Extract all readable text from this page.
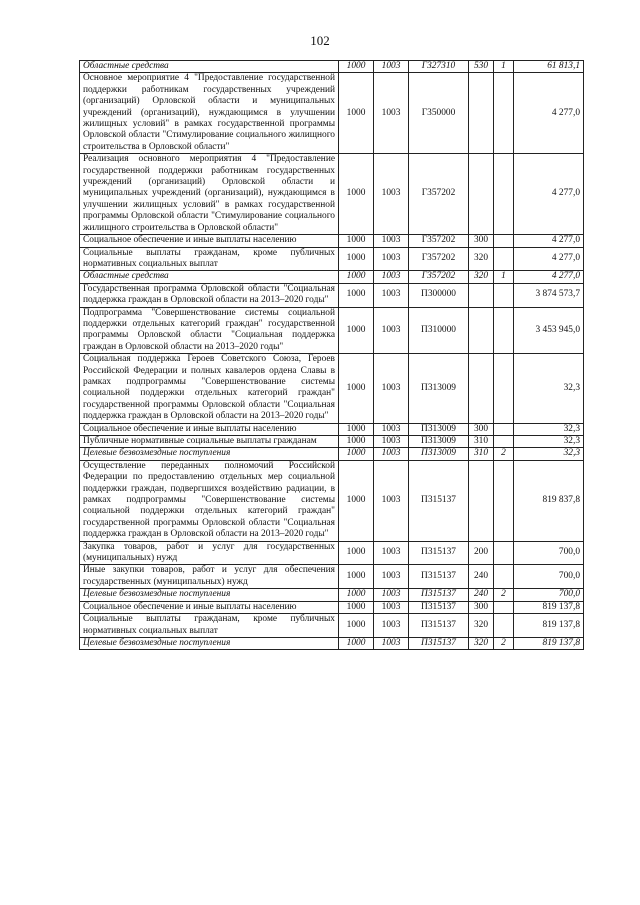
102
Областные средства	1000	1003	Г327310	530	1	61 813,1
Основное мероприятие 4 "Предоставление государственной поддержки работникам государственных учреждений (организаций) Орловской области и муниципальных учреждений (организаций), нуждающимся в улучшении жилищных условий" в рамках государственной программы Орловской области "Стимулирование социального жилищного строительства в Орловской области"	1000	1003	Г350000			4 277,0
Реализация основного мероприятия 4 "Предоставление государственной поддержки работникам государственных учреждений (организаций) Орловской области и муниципальных учреждений (организаций), нуждающимся в улучшении жилищных условий" в рамках государственной программы Орловской области "Стимулирование социального жилищного строительства в Орловской области"	1000	1003	Г357202			4 277,0
Социальное обеспечение и иные выплаты населению	1000	1003	Г357202	300		4 277,0
Социальные выплаты гражданам, кроме публичных нормативных социальных выплат	1000	1003	Г357202	320		4 277,0
Областные средства	1000	1003	Г357202	320	1	4 277,0
Государственная программа Орловской области "Социальная поддержка граждан в Орловской области на 2013–2020 годы"	1000	1003	П300000			3 874 573,7
Подпрограмма "Совершенствование системы социальной поддержки отдельных категорий граждан" государственной программы Орловской области "Социальная поддержка граждан в Орловской области на 2013–2020 годы"	1000	1003	П310000			3 453 945,0
Социальная поддержка Героев Советского Союза, Героев Российской Федерации и полных кавалеров ордена Славы в рамках подпрограммы "Совершенствование системы социальной поддержки отдельных категорий граждан" государственной программы Орловской области "Социальная поддержка граждан в Орловской области на 2013–2020 годы"	1000	1003	П313009			32,3
Социальное обеспечение и иные выплаты населению	1000	1003	П313009	300		32,3
Публичные нормативные социальные выплаты гражданам	1000	1003	П313009	310		32,3
Целевые безвозмездные поступления	1000	1003	П313009	310	2	32,3
Осуществление переданных полномочий Российской Федерации по предоставлению отдельных мер социальной поддержки граждан, подвергшихся воздействию радиации, в рамках подпрограммы "Совершенствование системы социальной поддержки отдельных категорий граждан" государственной программы Орловской области "Социальная поддержка граждан в Орловской области на 2013–2020 годы"	1000	1003	П315137			819 837,8
Закупка товаров, работ и услуг для государственных (муниципальных) нужд	1000	1003	П315137	200		700,0
Иные закупки товаров, работ и услуг для обеспечения государственных (муниципальных) нужд	1000	1003	П315137	240		700,0
Целевые безвозмездные поступления	1000	1003	П315137	240	2	700,0
Социальное обеспечение и иные выплаты населению	1000	1003	П315137	300		819 137,8
Социальные выплаты гражданам, кроме публичных нормативных социальных выплат	1000	1003	П315137	320		819 137,8
Целевые безвозмездные поступления	1000	1003	П315137	320	2	819 137,8
